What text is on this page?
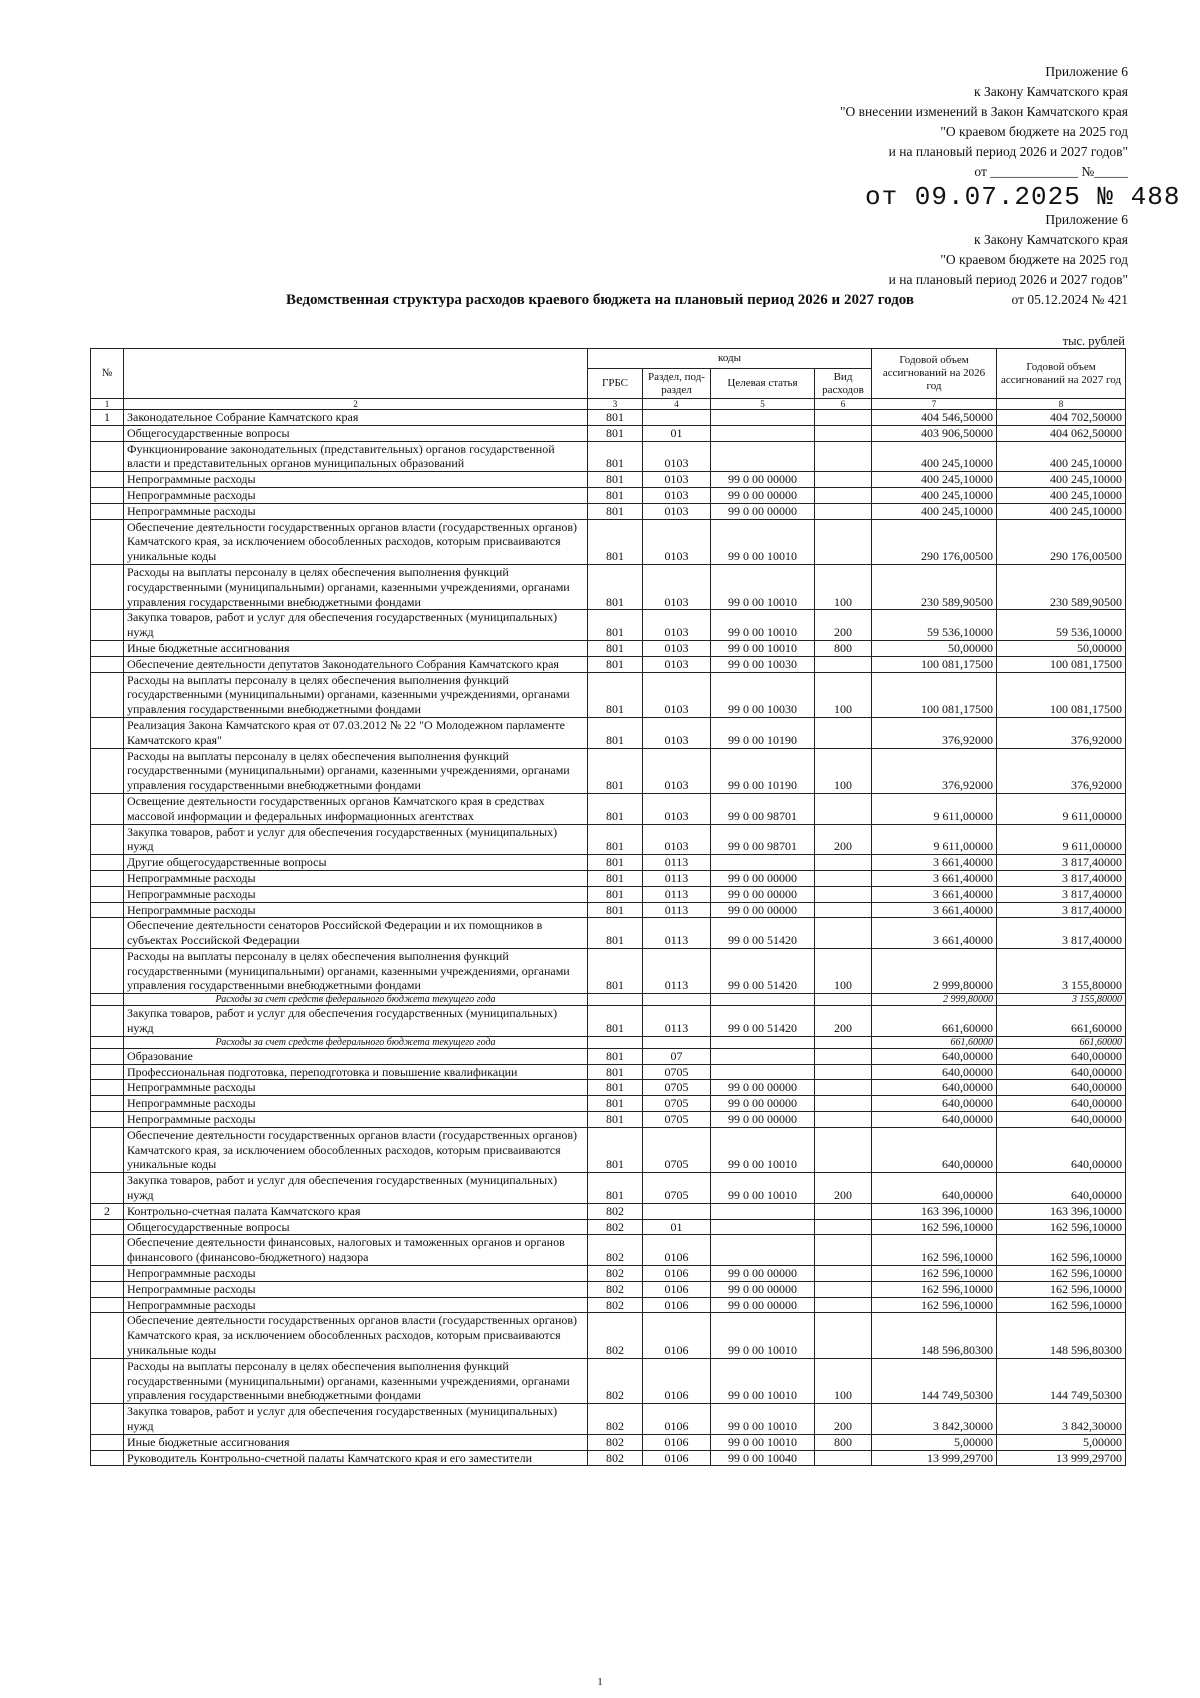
Приложение 6
к Закону Камчатского края
"О внесении изменений в Закон Камчатского края
"О краевом бюджете на 2025 год
и на плановый период 2026 и 2027 годов"
от _____________ №_____
от 09.07.2025 № 488
Приложение 6
к Закону Камчатского края
"О краевом бюджете на 2025 год
и на плановый период 2026 и 2027 годов"
от 05.12.2024 № 421
Ведомственная структура расходов краевого бюджета на плановый период 2026 и 2027 годов
тыс. рублей
№		коды				Годовой объем ассигнований на 2026 год	Годовой объем ассигнований на 2027 год
		ГРБС	Раздел, под-раздел	Целевая статья	Вид расходов		
1	2	3	4	5	6	7	8
1	Законодательное Собрание Камчатского края	801				404 546,50000	404 702,50000
	Общегосударственные вопросы	801	01			403 906,50000	404 062,50000
	Функционирование законодательных (представительных) органов государственной власти и представительных органов муниципальных образований	801	0103			400 245,10000	400 245,10000
	Непрограммные расходы	801	0103	99 0 00 00000		400 245,10000	400 245,10000
	Непрограммные расходы	801	0103	99 0 00 00000		400 245,10000	400 245,10000
	Непрограммные расходы	801	0103	99 0 00 00000		400 245,10000	400 245,10000
	Обеспечение деятельности государственных органов власти (государственных органов) Камчатского края, за исключением обособленных расходов, которым присваиваются уникальные коды	801	0103	99 0 00 10010		290 176,00500	290 176,00500
	Расходы на выплаты персоналу в целях обеспечения выполнения функций государственными (муниципальными) органами, казенными учреждениями, органами управления государственными внебюджетными фондами	801	0103	99 0 00 10010	100	230 589,90500	230 589,90500
	Закупка товаров, работ и услуг для обеспечения государственных (муниципальных) нужд	801	0103	99 0 00 10010	200	59 536,10000	59 536,10000
	Иные бюджетные ассигнования	801	0103	99 0 00 10010	800	50,00000	50,00000
	Обеспечение деятельности депутатов Законодательного Собрания Камчатского края	801	0103	99 0 00 10030		100 081,17500	100 081,17500
	Расходы на выплаты персоналу в целях обеспечения выполнения функций государственными (муниципальными) органами, казенными учреждениями, органами управления государственными внебюджетными фондами	801	0103	99 0 00 10030	100	100 081,17500	100 081,17500
	Реализация Закона Камчатского края от 07.03.2012 № 22 "О Молодежном парламенте Камчатского края"	801	0103	99 0 00 10190		376,92000	376,92000
	Расходы на выплаты персоналу в целях обеспечения выполнения функций государственными (муниципальными) органами, казенными учреждениями, органами управления государственными внебюджетными фондами	801	0103	99 0 00 10190	100	376,92000	376,92000
	Освещение деятельности государственных органов Камчатского края в средствах массовой информации и федеральных информационных агентствах	801	0103	99 0 00 98701		9 611,00000	9 611,00000
	Закупка товаров, работ и услуг для обеспечения государственных (муниципальных) нужд	801	0103	99 0 00 98701	200	9 611,00000	9 611,00000
	Другие общегосударственные вопросы	801	0113			3 661,40000	3 817,40000
	Непрограммные расходы	801	0113	99 0 00 00000		3 661,40000	3 817,40000
	Непрограммные расходы	801	0113	99 0 00 00000		3 661,40000	3 817,40000
	Непрограммные расходы	801	0113	99 0 00 00000		3 661,40000	3 817,40000
	Обеспечение деятельности сенаторов Российской Федерации и их помощников в субъектах Российской Федерации	801	0113	99 0 00 51420		3 661,40000	3 817,40000
	Расходы на выплаты персоналу в целях обеспечения выполнения функций государственными (муниципальными) органами, казенными учреждениями, органами управления государственными внебюджетными фондами	801	0113	99 0 00 51420	100	2 999,80000	3 155,80000
	Расходы за счет средств федерального бюджета текущего года					2 999,80000	3 155,80000
	Закупка товаров, работ и услуг для обеспечения государственных (муниципальных) нужд	801	0113	99 0 00 51420	200	661,60000	661,60000
	Расходы за счет средств федерального бюджета текущего года					661,60000	661,60000
	Образование	801	07			640,00000	640,00000
	Профессиональная подготовка, переподготовка и повышение квалификации	801	0705			640,00000	640,00000
	Непрограммные расходы	801	0705	99 0 00 00000		640,00000	640,00000
	Непрограммные расходы	801	0705	99 0 00 00000		640,00000	640,00000
	Непрограммные расходы	801	0705	99 0 00 00000		640,00000	640,00000
	Обеспечение деятельности государственных органов власти (государственных органов) Камчатского края, за исключением обособленных расходов, которым присваиваются уникальные коды	801	0705	99 0 00 10010		640,00000	640,00000
	Закупка товаров, работ и услуг для обеспечения государственных (муниципальных) нужд	801	0705	99 0 00 10010	200	640,00000	640,00000
2	Контрольно-счетная палата Камчатского края	802				163 396,10000	163 396,10000
	Общегосударственные вопросы	802	01			162 596,10000	162 596,10000
	Обеспечение деятельности финансовых, налоговых и таможенных органов и органов финансового (финансово-бюджетного) надзора	802	0106			162 596,10000	162 596,10000
	Непрограммные расходы	802	0106	99 0 00 00000		162 596,10000	162 596,10000
	Непрограммные расходы	802	0106	99 0 00 00000		162 596,10000	162 596,10000
	Непрограммные расходы	802	0106	99 0 00 00000		162 596,10000	162 596,10000
	Обеспечение деятельности государственных органов власти (государственных органов) Камчатского края, за исключением обособленных расходов, которым присваиваются уникальные коды	802	0106	99 0 00 10010		148 596,80300	148 596,80300
	Расходы на выплаты персоналу в целях обеспечения выполнения функций государственными (муниципальными) органами, казенными учреждениями, органами управления государственными внебюджетными фондами	802	0106	99 0 00 10010	100	144 749,50300	144 749,50300
	Закупка товаров, работ и услуг для обеспечения государственных (муниципальных) нужд	802	0106	99 0 00 10010	200	3 842,30000	3 842,30000
	Иные бюджетные ассигнования	802	0106	99 0 00 10010	800	5,00000	5,00000
	Руководитель Контрольно-счетной палаты Камчатского края и его заместители	802	0106	99 0 00 10040		13 999,29700	13 999,29700
1
